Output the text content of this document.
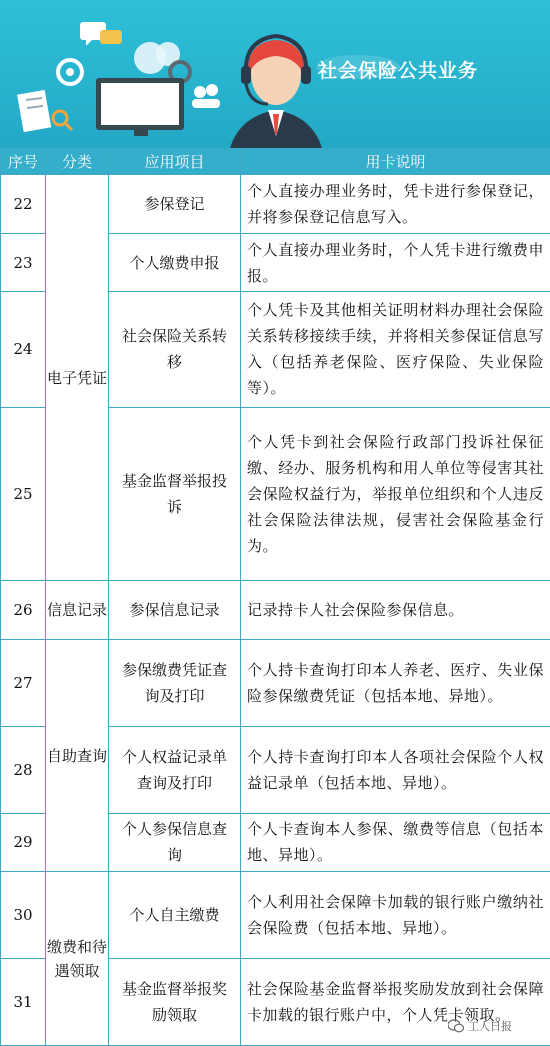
社会保险公共业务
序号	分类	应用项目	用卡说明
22	电子凭证	参保登记	个人直接办理业务时，凭卡进行参保登记，并将参保登记信息写入。
23		个人缴费申报	个人直接办理业务时，个人凭卡进行缴费申报。
24		社会保险关系转移	个人凭卡及其他相关证明材料办理社会保险关系转移接续手续，并将相关参保证信息写入（包括养老保险、医疗保险、失业保险等）。
25		基金监督举报投诉	个人凭卡到社会保险行政部门投诉社保征缴、经办、服务机构和用人单位等侵害其社会保险权益行为，举报单位组织和个人违反社会保险法律法规，侵害社会保险基金行为。
26	信息记录	参保信息记录	记录持卡人社会保险参保信息。
27	自助查询	参保缴费凭证查询及打印	个人持卡查询打印本人养老、医疗、失业保险参保缴费凭证（包括本地、异地）。
28		个人权益记录单查询及打印	个人持卡查询打印本人各项社会保险个人权益记录单（包括本地、异地）。
29		个人参保信息查询	个人卡查询本人参保、缴费等信息（包括本地、异地）。
30	缴费和待遇领取	个人自主缴费	个人利用社会保障卡加载的银行账户缴纳社会保险费（包括本地、异地）。
31		基金监督举报奖励领取	社会保险基金监督举报奖励发放到社会保障卡加载的银行账户中，个人凭卡领取。
工人日报
